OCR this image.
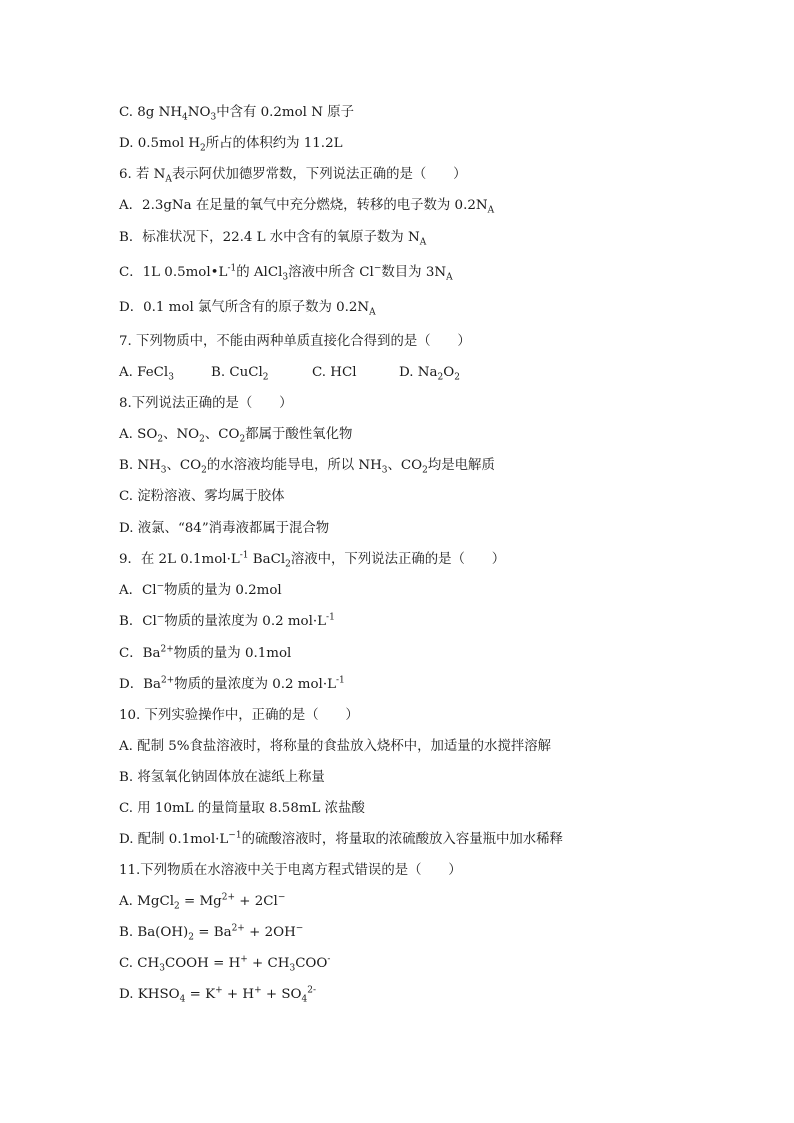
C. 8g $NH_4NO_3$中含有 0.2mol N 原子
D. 0.5mol $H_2$所占的体积约为 11.2L
6. 若 $N_A$表示阿伏加德罗常数，下列说法正确的是（　　）
A．2.3gNa 在足量的氧气中充分燃烧，转移的电子数为 $0.2N_A$
B．标准状况下，22.4 L 水中含有的氧原子数为 $N_A$
C．1L $0.5mol•L^{-1}$的 AlCl$_3$溶液中所含 Cl−数目为 $3N_A$
D．0.1 mol 氯气所含有的原子数为 $0.2N_A$
7. 下列物质中，不能由两种单质直接化合得到的是（　　）
A. FeCl$_3$	B. CuCl$_2$	C. HCl	D. $Na_2O_2$
8.下列说法正确的是（　　）
A. $SO_2$、$NO_2$、$CO_2$都属于酸性氧化物
B. $NH_3$、$CO_2$的水溶液均能导电，所以 $NH_3$、$CO_2$均是电解质
C. 淀粉溶液、雾均属于胶体
D. 液氯、“84”消毒液都属于混合物
9．在 2L $0.1mol\cdot L^{-1}$ BaCl$_2$溶液中，下列说法正确的是（　　）
A．Cl−物质的量为 0.2mol
B．Cl−物质的量浓度为 0.2 $mol\cdot L^{-1}$
C．$Ba^{2+}$物质的量为 0.1mol
D．$Ba^{2+}$物质的量浓度为 0.2 $mol\cdot L^{-1}$
10. 下列实验操作中，正确的是（　　）
A. 配制 5%食盐溶液时，将称量的食盐放入烧杯中，加适量的水搅拌溶解
B. 将氢氧化钠固体放在滤纸上称量
C. 用 10mL 的量筒量取 8.58mL 浓盐酸
D. 配制 $0.1mol\cdot L^{-1}$的硫酸溶液时，将量取的浓硫酸放入容量瓶中加水稀释
11.下列物质在水溶液中关于电离方程式错误的是（　　）
A. MgCl$_2$ = $Mg^{2+} + 2Cl^-$
B. $Ba(OH)_2 = Ba^{2+} + 2OH^-$
C. $CH_3COOH = H^+ + CH_3COO^-$
D. $KHSO_4 = K^+ + H^+ + SO_4^{2-}$
